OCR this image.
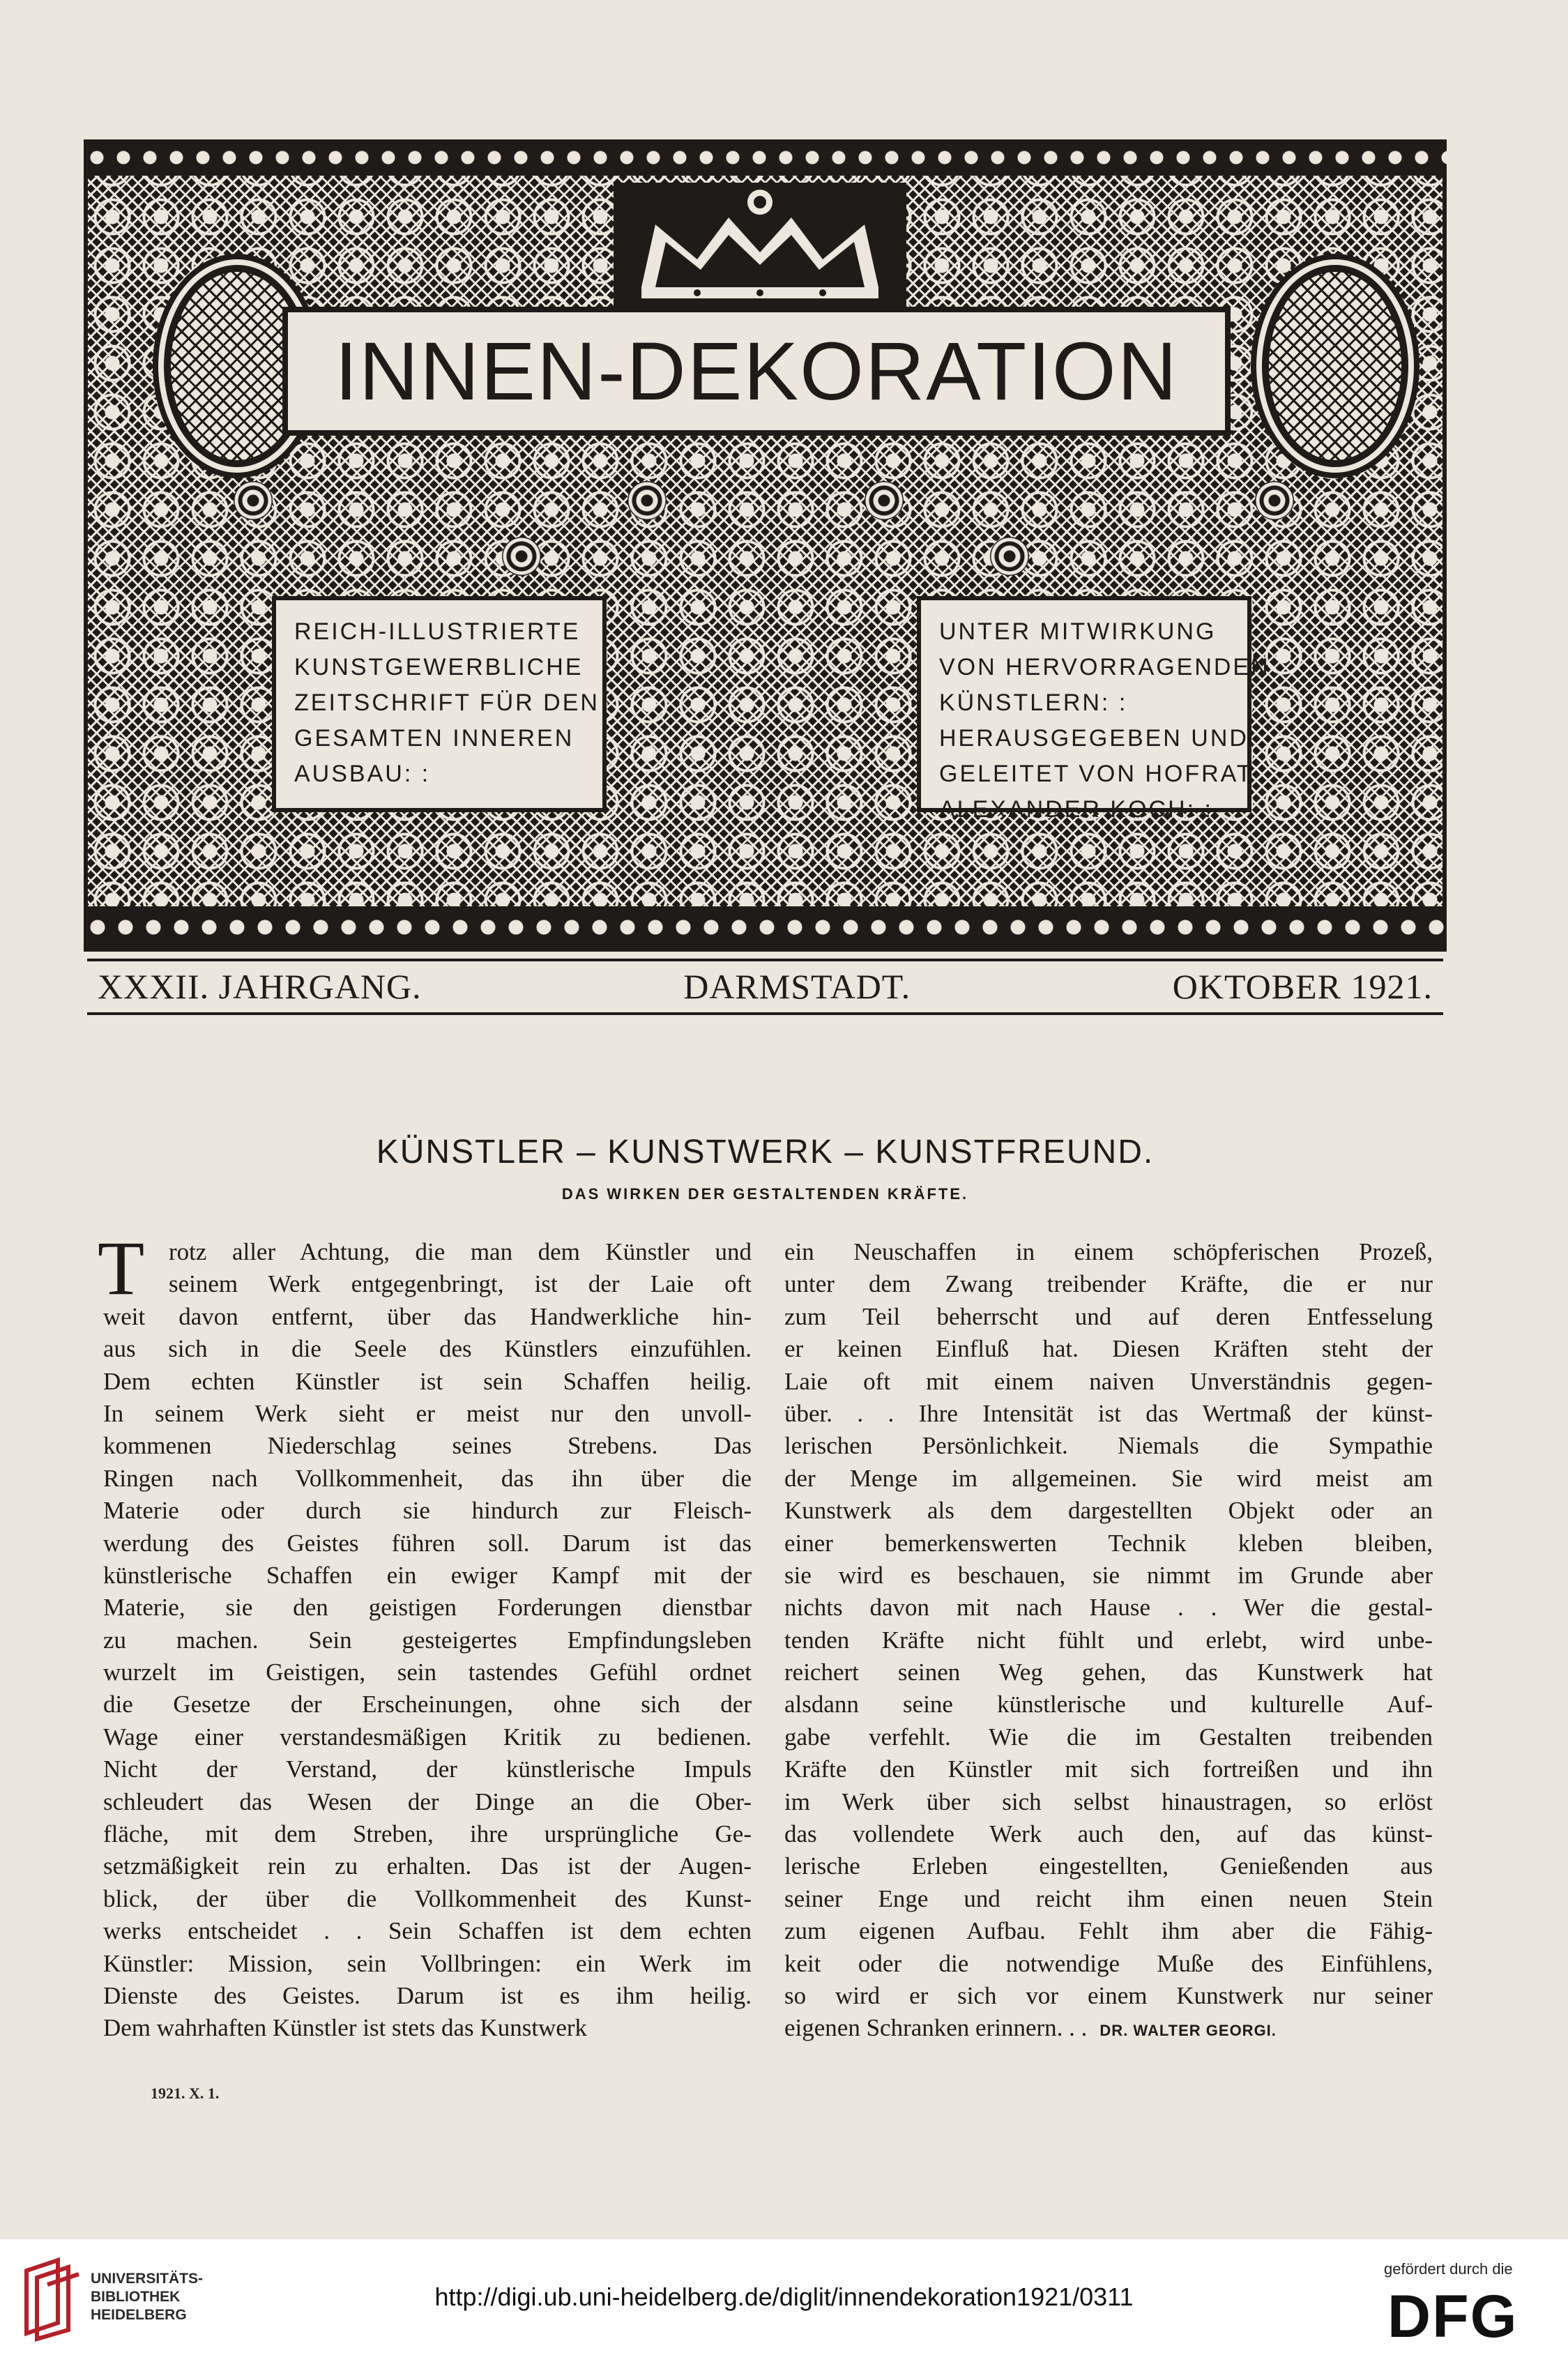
INNEN-DEKORATION
REICH-ILLUSTRIERTE
KUNSTGEWERBLICHE
ZEITSCHRIFT FÜR DEN
GESAMTEN INNEREN
AUSBAU: :
UNTER MITWIRKUNG
VON HERVORRAGENDEN
KÜNSTLERN: :
HERAUSGEGEBEN UND
GELEITET VON HOFRAT
ALEXANDER KOCH: :
XXXII. JAHRGANG.	DARMSTADT.	OKTOBER 1921.
KÜNSTLER – KUNSTWERK – KUNSTFREUND.
DAS WIRKEN DER GESTALTENDEN KRÄFTE.
T rotz aller Achtung, die man dem Künstler und
seinem Werk entgegenbringt, ist der Laie oft
weit davon entfernt, über das Handwerkliche hin-
aus sich in die Seele des Künstlers einzufühlen.
Dem echten Künstler ist sein Schaffen heilig.
In seinem Werk sieht er meist nur den unvoll-
kommenen Niederschlag seines Strebens. Das
Ringen nach Vollkommenheit, das ihn über die
Materie oder durch sie hindurch zur Fleisch-
werdung des Geistes führen soll. Darum ist das
künstlerische Schaffen ein ewiger Kampf mit der
Materie, sie den geistigen Forderungen dienstbar
zu machen. Sein gesteigertes Empfindungsleben
wurzelt im Geistigen, sein tastendes Gefühl ordnet
die Gesetze der Erscheinungen, ohne sich der
Wage einer verstandesmäßigen Kritik zu bedienen.
Nicht der Verstand, der künstlerische Impuls
schleudert das Wesen der Dinge an die Ober-
fläche, mit dem Streben, ihre ursprüngliche Ge-
setzmäßigkeit rein zu erhalten. Das ist der Augen-
blick, der über die Vollkommenheit des Kunst-
werks entscheidet . . Sein Schaffen ist dem echten
Künstler: Mission, sein Vollbringen: ein Werk im
Dienste des Geistes. Darum ist es ihm heilig.
Dem wahrhaften Künstler ist stets das Kunstwerk
ein Neuschaffen in einem schöpferischen Prozeß,
unter dem Zwang treibender Kräfte, die er nur
zum Teil beherrscht und auf deren Entfesselung
er keinen Einfluß hat. Diesen Kräften steht der
Laie oft mit einem naiven Unverständnis gegen-
über. . . Ihre Intensität ist das Wertmaß der künst-
lerischen Persönlichkeit. Niemals die Sympathie
der Menge im allgemeinen. Sie wird meist am
Kunstwerk als dem dargestellten Objekt oder an
einer bemerkenswerten Technik kleben bleiben,
sie wird es beschauen, sie nimmt im Grunde aber
nichts davon mit nach Hause . . Wer die gestal-
tenden Kräfte nicht fühlt und erlebt, wird unbe-
reichert seinen Weg gehen, das Kunstwerk hat
alsdann seine künstlerische und kulturelle Auf-
gabe verfehlt. Wie die im Gestalten treibenden
Kräfte den Künstler mit sich fortreißen und ihn
im Werk über sich selbst hinaustragen, so erlöst
das vollendete Werk auch den, auf das künst-
lerische Erleben eingestellten, Genießenden aus
seiner Enge und reicht ihm einen neuen Stein
zum eigenen Aufbau. Fehlt ihm aber die Fähig-
keit oder die notwendige Muße des Einfühlens,
so wird er sich vor einem Kunstwerk nur seiner
eigenen Schranken erinnern. . . DR. WALTER GEORGI.
1921. X. 1.
UNIVERSITÄTS-
BIBLIOTHEK
HEIDELBERG
http://digi.ub.uni-heidelberg.de/diglit/innendekoration1921/0311
gefördert durch die
DFG
